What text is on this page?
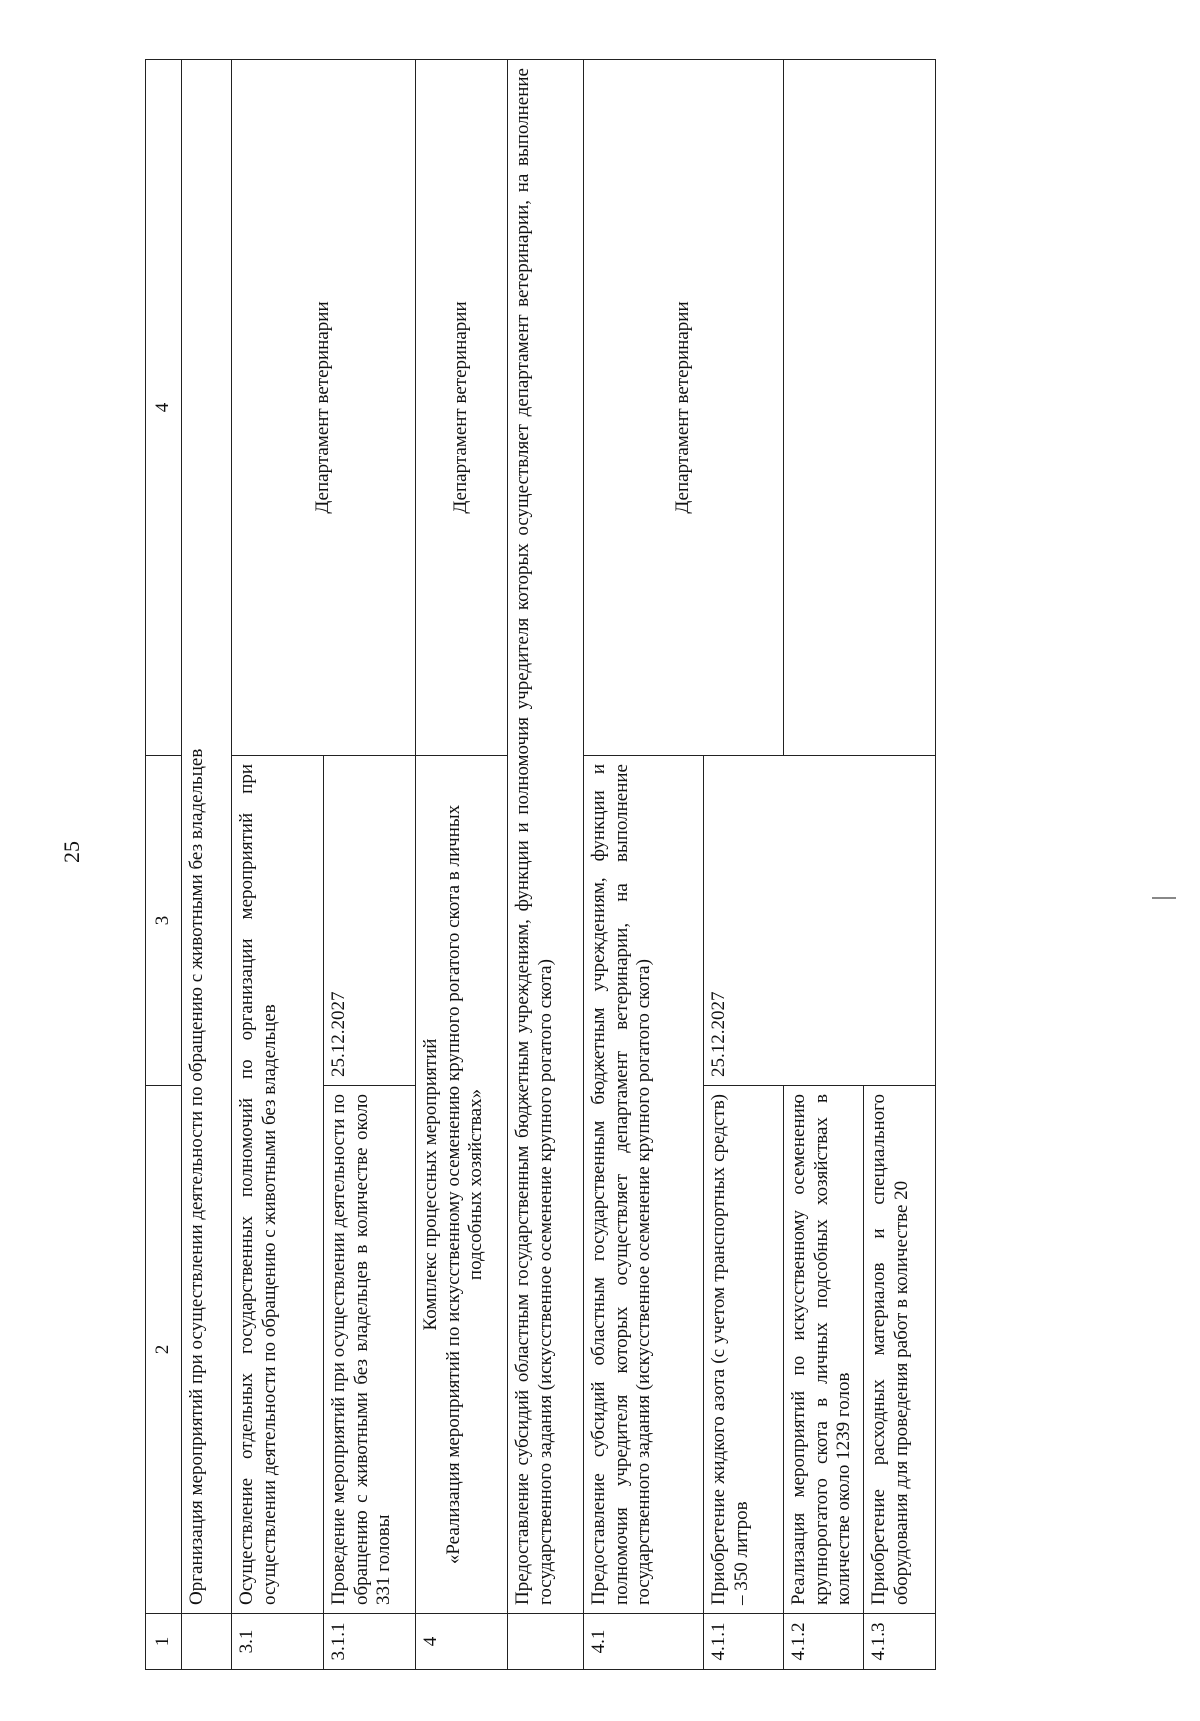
25
1	2	3	4
	Организация мероприятий при осуществлении деятельности по обращению с животными без владельцев		
3.1	Осуществление отдельных государственных полномочий по организации мероприятий при осуществлении деятельности по обращению с животными без владельцев		Департамент ветеринарии
3.1.1	Проведение мероприятий при осуществлении деятельности по обращению с животными без владельцев в количестве около 331 головы	25.12.2027	
4	Комплекс процессных мероприятий «Реализация мероприятий по искусственному осеменению крупного рогатого скота в личных подсобных хозяйствах»		Департамент ветеринарии
	Предоставление субсидий областным государственным бюджетным учреждениям, функции и полномочия учредителя которых осуществляет департамент ветеринарии, на выполнение государственного задания (искусственное осеменение крупного рогатого скота)		
4.1	Предоставление субсидий областным государственным бюджетным учреждениям, функции и полномочия учредителя которых осуществляет департамент ветеринарии, на выполнение государственного задания (искусственное осеменение крупного рогатого скота)		Департамент ветеринарии
4.1.1	Приобретение жидкого азота (с учетом транспортных средств) – 350 литров	25.12.2027	
4.1.2	Реализация мероприятий по искусственному осеменению крупнорогатого скота в личных подсобных хозяйствах в количестве около 1239 голов		
4.1.3	Приобретение расходных материалов и специального оборудования для проведения работ в количестве 20		
